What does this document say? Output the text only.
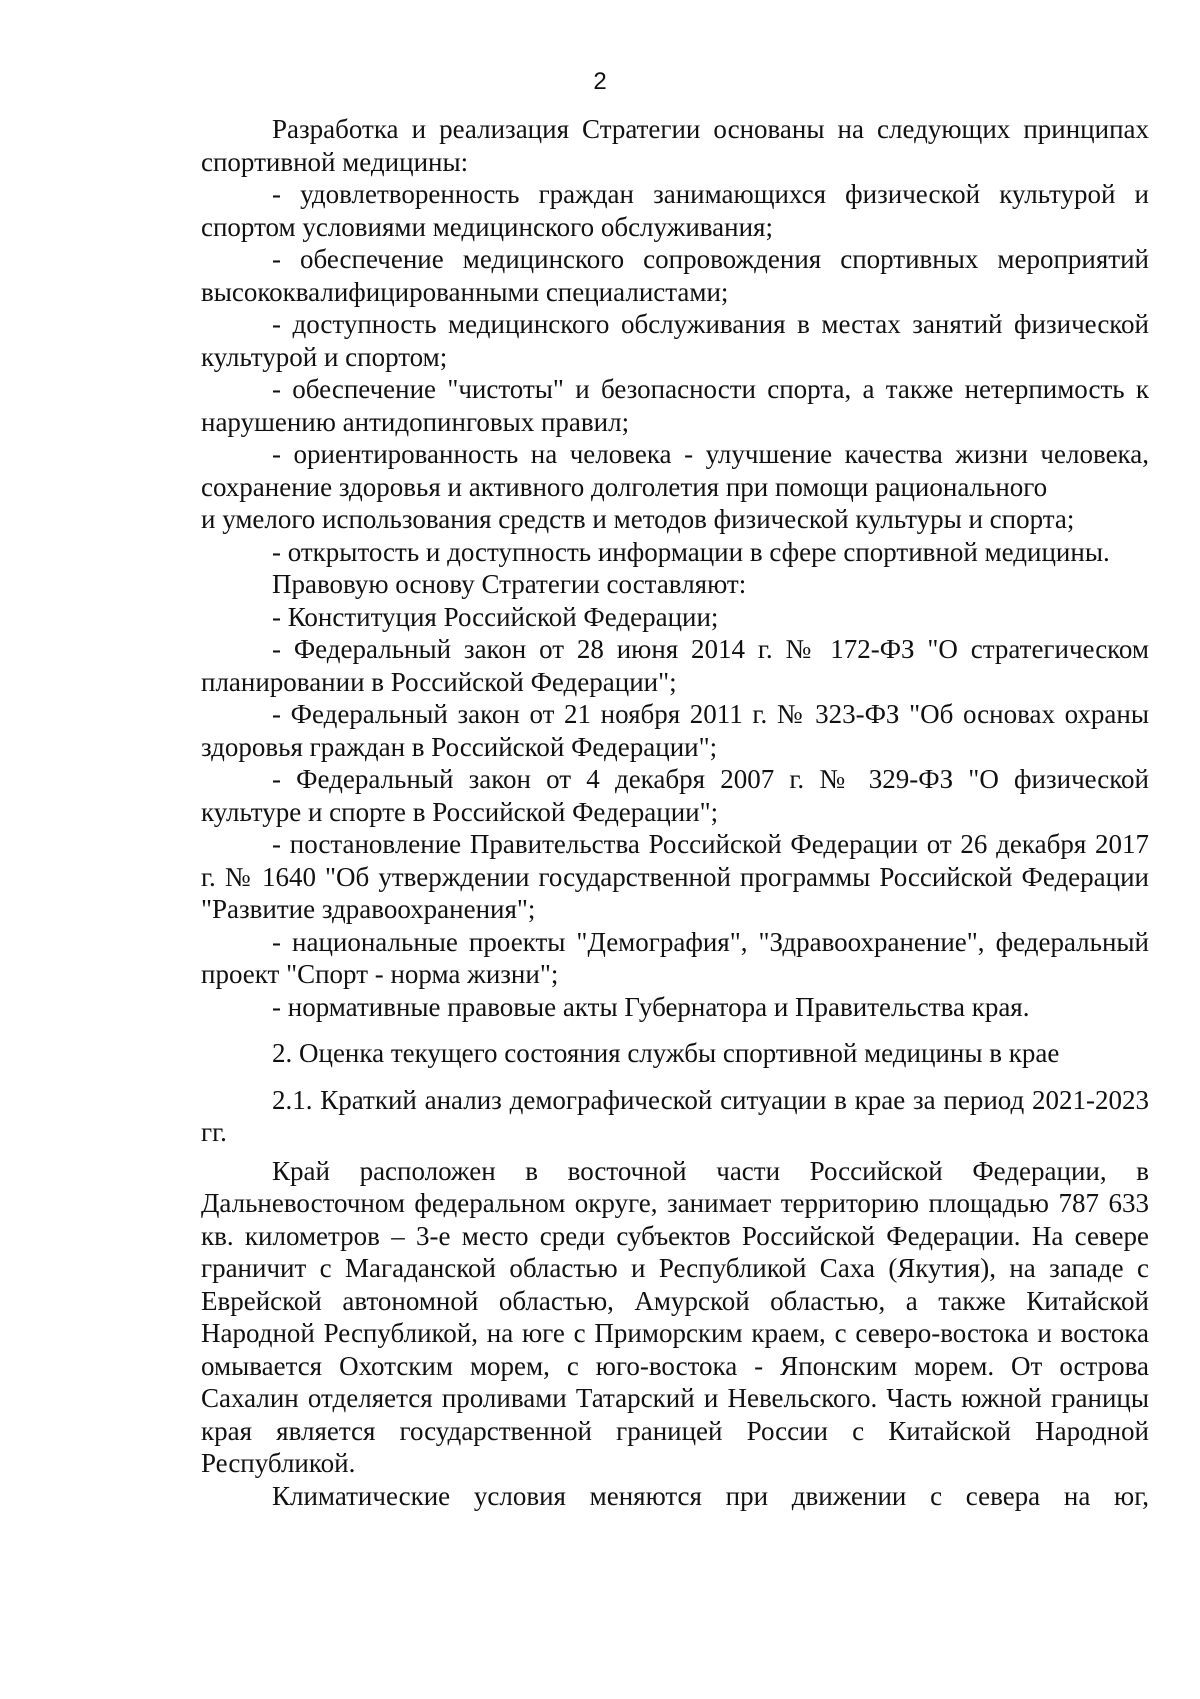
2

Разработка и реализация Стратегии основаны на следующих принципах спортивной медицины:

- удовлетворенность граждан занимающихся физической культурой и спортом условиями медицинского обслуживания;

- обеспечение медицинского сопровождения спортивных мероприятий высококвалифицированными специалистами;

- доступность медицинского обслуживания в местах занятий физической культурой и спортом;

- обеспечение "чистоты" и безопасности спорта, а также нетерпимость к нарушению антидопинговых правил;

- ориентированность на человека - улучшение качества жизни человека, сохранение здоровья и активного долголетия при помощи рационального

и умелого использования средств и методов физической культуры и спорта;

- открытость и доступность информации в сфере спортивной медицины.

Правовую основу Стратегии составляют:

- Конституция Российской Федерации;

- Федеральный закон от 28 июня 2014 г. № 172-ФЗ "О стратегическом планировании в Российской Федерации";

- Федеральный закон от 21 ноября 2011 г. № 323-ФЗ "Об основах охраны здоровья граждан в Российской Федерации";

- Федеральный закон от 4 декабря 2007 г. № 329-ФЗ "О физической культуре и спорте в Российской Федерации";

- постановление Правительства Российской Федерации от 26 декабря 2017 г. № 1640 "Об утверждении государственной программы Российской Федерации "Развитие здравоохранения";

- национальные проекты "Демография", "Здравоохранение", федеральный проект "Спорт - норма жизни";

- нормативные правовые акты Губернатора и Правительства края.

2. Оценка текущего состояния службы спортивной медицины в крае
2.1. Краткий анализ демографической ситуации в крае за период 2021-2023 гг.

Край расположен в восточной части Российской Федерации, в Дальневосточном федеральном округе, занимает территорию площадью 787 633 кв. километров – 3-е место среди субъектов Российской Федерации. На севере граничит с Магаданской областью и Республикой Саха (Якутия), на западе с Еврейской автономной областью, Амурской областью, а также Китайской Народной Республикой, на юге с Приморским краем, с северо-востока и востока омывается Охотским морем, с юго-востока - Японским морем. От острова Сахалин отделяется проливами Татарский и Невельского. Часть южной границы края является государственной границей России с Китайской Народной Республикой.

Климатические условия меняются при движении с севера на юг,
